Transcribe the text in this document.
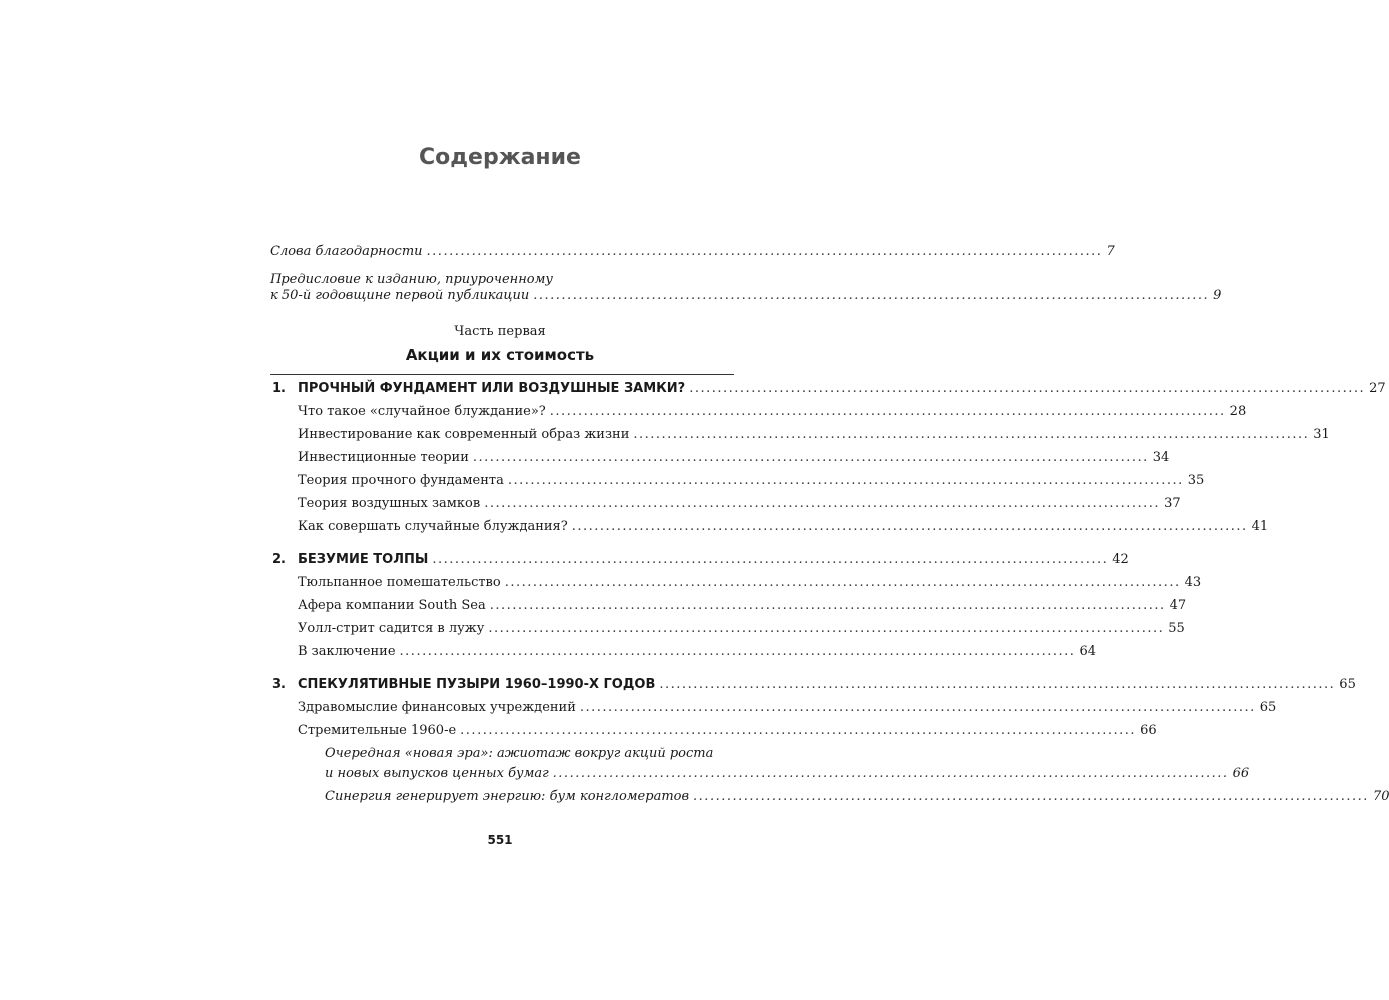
Содержание
Слова благодарности ........................................................................................................................ 7
Предисловие к изданию, приуроченному
к 50-й годовщине первой публикации ........................................................................................................................ 9
Часть первая
Акции и их стоимость
1. ПРОЧНЫЙ ФУНДАМЕНТ ИЛИ ВОЗДУШНЫЕ ЗАМКИ? ........................................................................................................................ 27
Что такое «случайное блуждание»? ........................................................................................................................ 28
Инвестирование как современный образ жизни ........................................................................................................................ 31
Инвестиционные теории ........................................................................................................................ 34
Теория прочного фундамента ........................................................................................................................ 35
Теория воздушных замков ........................................................................................................................ 37
Как совершать случайные блуждания? ........................................................................................................................ 41
2. БЕЗУМИЕ ТОЛПЫ ........................................................................................................................ 42
Тюльпанное помешательство ........................................................................................................................ 43
Афера компании South Sea ........................................................................................................................ 47
Уолл-стрит садится в лужу ........................................................................................................................ 55
В заключение ........................................................................................................................ 64
3. СПЕКУЛЯТИВНЫЕ ПУЗЫРИ 1960–1990-Х ГОДОВ ........................................................................................................................ 65
Здравомыслие финансовых учреждений ........................................................................................................................ 65
Стремительные 1960-е ........................................................................................................................ 66
Очередная «новая эра»: ажиотаж вокруг акций роста
и новых выпусков ценных бумаг ........................................................................................................................ 66
Синергия генерирует энергию: бум конгломератов ........................................................................................................................ 70
551
